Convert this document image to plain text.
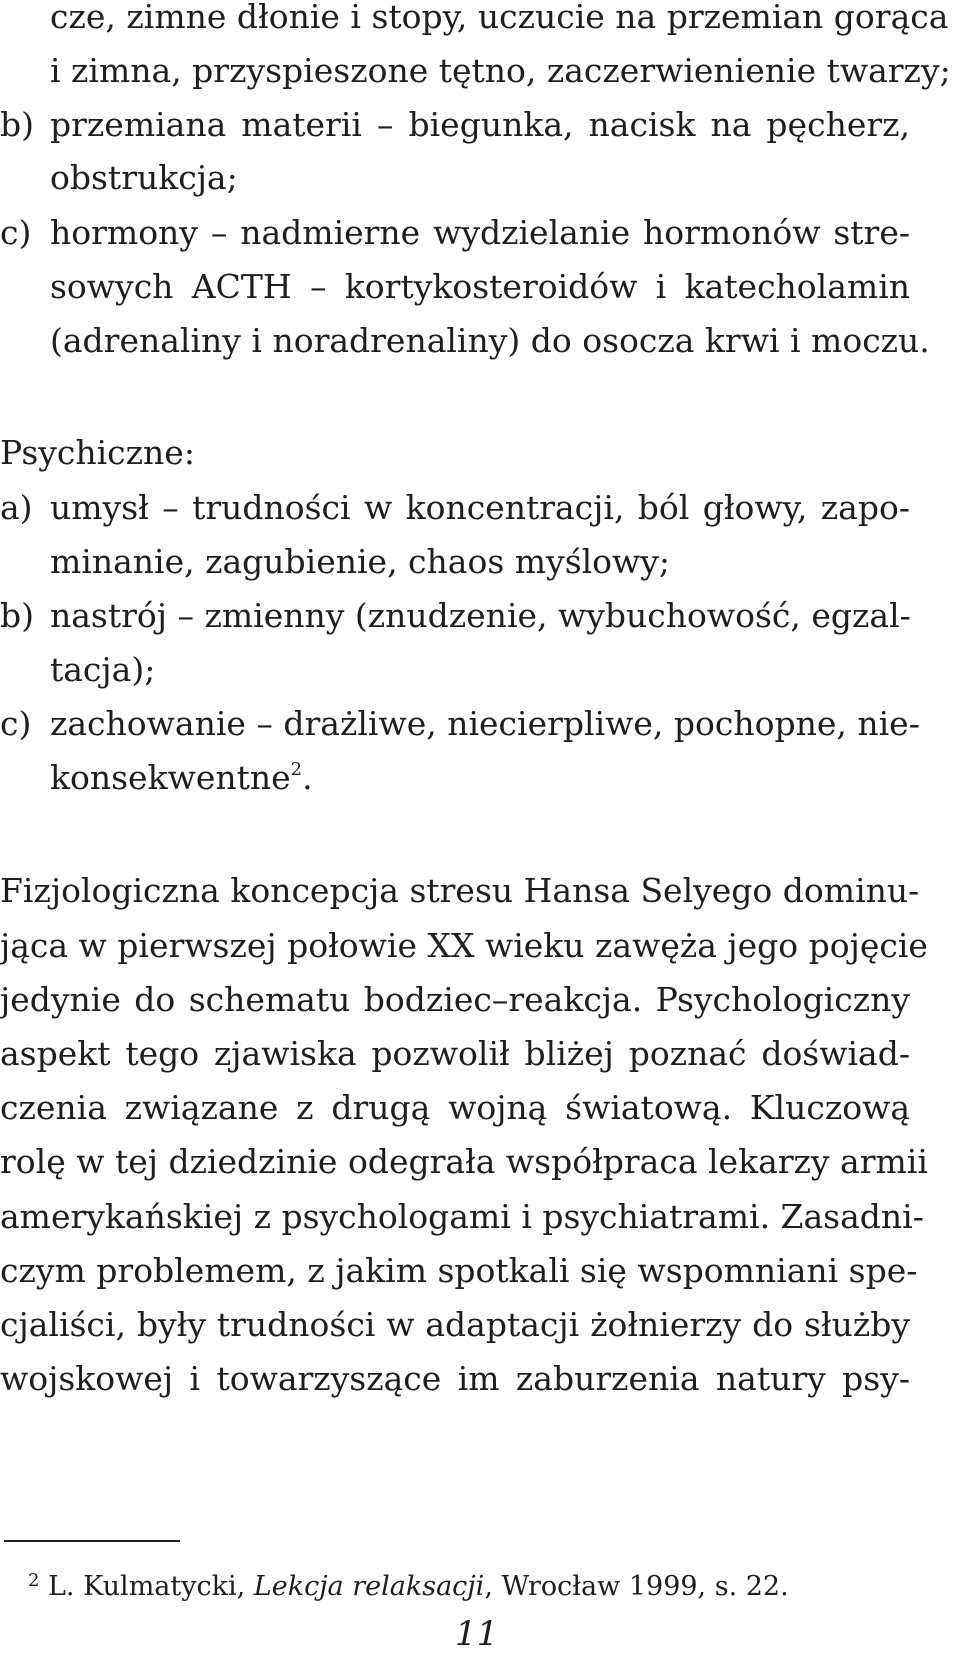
cze, zimne dłonie i stopy, uczucie na przemian gorąca
i zimna, przyspieszone tętno, zaczerwienienie twarzy;
b) przemiana materii – biegunka, nacisk na pęcherz,
obstrukcja;
c) hormony – nadmierne wydzielanie hormonów stre-
sowych ACTH – kortykosteroidów i katecholamin
(adrenaliny i noradrenaliny) do osocza krwi i moczu.
Psychiczne:
a) umysł – trudności w koncentracji, ból głowy, zapo-
minanie, zagubienie, chaos myślowy;
b) nastrój – zmienny (znudzenie, wybuchowość, egzal-
tacja);
c) zachowanie – drażliwe, niecierpliwe, pochopne, nie-
konsekwentne$^2$.
Fizjologiczna koncepcja stresu Hansa Selyego dominu-
jąca w pierwszej połowie XX wieku zawęża jego pojęcie
jedynie do schematu bodziec–reakcja. Psychologiczny
aspekt tego zjawiska pozwolił bliżej poznać doświad-
czenia związane z drugą wojną światową. Kluczową
rolę w tej dziedzinie odegrała współpraca lekarzy armii
amerykańskiej z psychologami i psychiatrami. Zasadni-
czym problemem, z jakim spotkali się wspomniani spe-
cjaliści, były trudności w adaptacji żołnierzy do służby
wojskowej i towarzyszące im zaburzenia natury psy-
2 L. Kulmatycki, Lekcja relaksacji, Wrocław 1999, s. 22.
11
